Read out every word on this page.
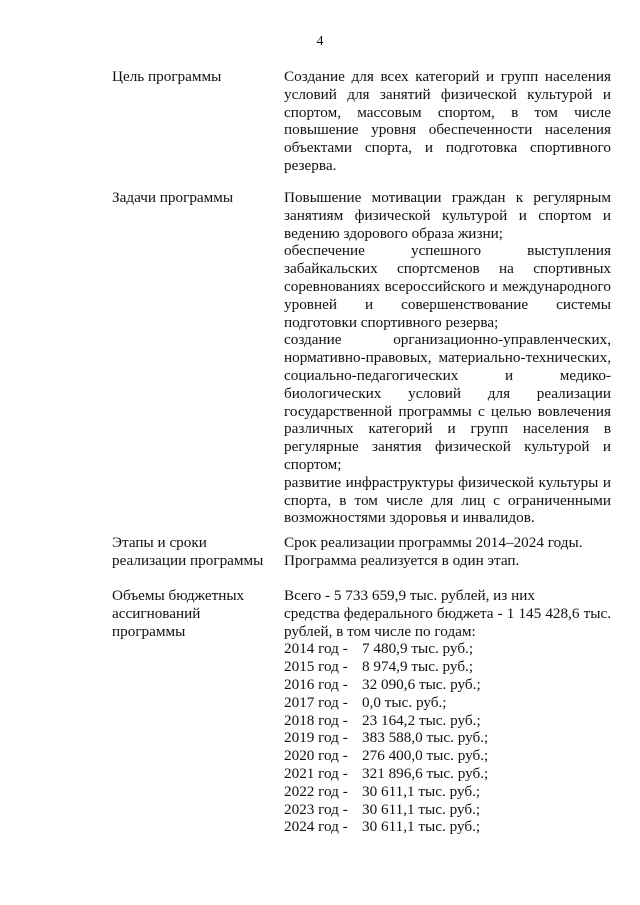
4
Цель программы	Создание для всех категорий и групп населения условий для занятий физической культурой и спортом, массовым спортом, в том числе повышение уровня обеспеченности населения объектами спорта, и подготовка спортивного резерва.

Задачи программы	Повышение мотивации граждан к регулярным занятиям физической культурой и спортом и ведению здорового образа жизни;

обеспечение успешного выступления забайкальских спортсменов на спортивных соревнованиях всероссийского и международного уровней и совершенствование системы подготовки спортивного резерва;

создание организационно-управленческих, нормативно-правовых, материально-технических, социально-педагогических и медико-биологических условий для реализации государственной программы с целью вовлечения различных категорий и групп населения в регулярные занятия физической культурой и спортом;

развитие инфраструктуры физической культуры и спорта, в том числе для лиц с ограниченными возможностями здоровья и инвалидов.

Этапы и сроки реализации программы

Срок реализации программы 2014–2024 годы.

Программа реализуется в один этап.

Объемы бюджетных ассигнований программы

Всего - 5 733 659,9 тыс. рублей, из них

средства федерального бюджета - 1 145 428,6 тыс. рублей, в том числе по годам:

2014 год - 7 480,9 тыс. руб.;
2015 год - 8 974,9 тыс. руб.;
2016 год - 32 090,6 тыс. руб.;
2017 год - 0,0 тыс. руб.;
2018 год - 23 164,2 тыс. руб.;
2019 год - 383 588,0 тыс. руб.;
2020 год - 276 400,0 тыс. руб.;
2021 год - 321 896,6 тыс. руб.;
2022 год - 30 611,1 тыс. руб.;
2023 год - 30 611,1 тыс. руб.;
2024 год - 30 611,1 тыс. руб.;
